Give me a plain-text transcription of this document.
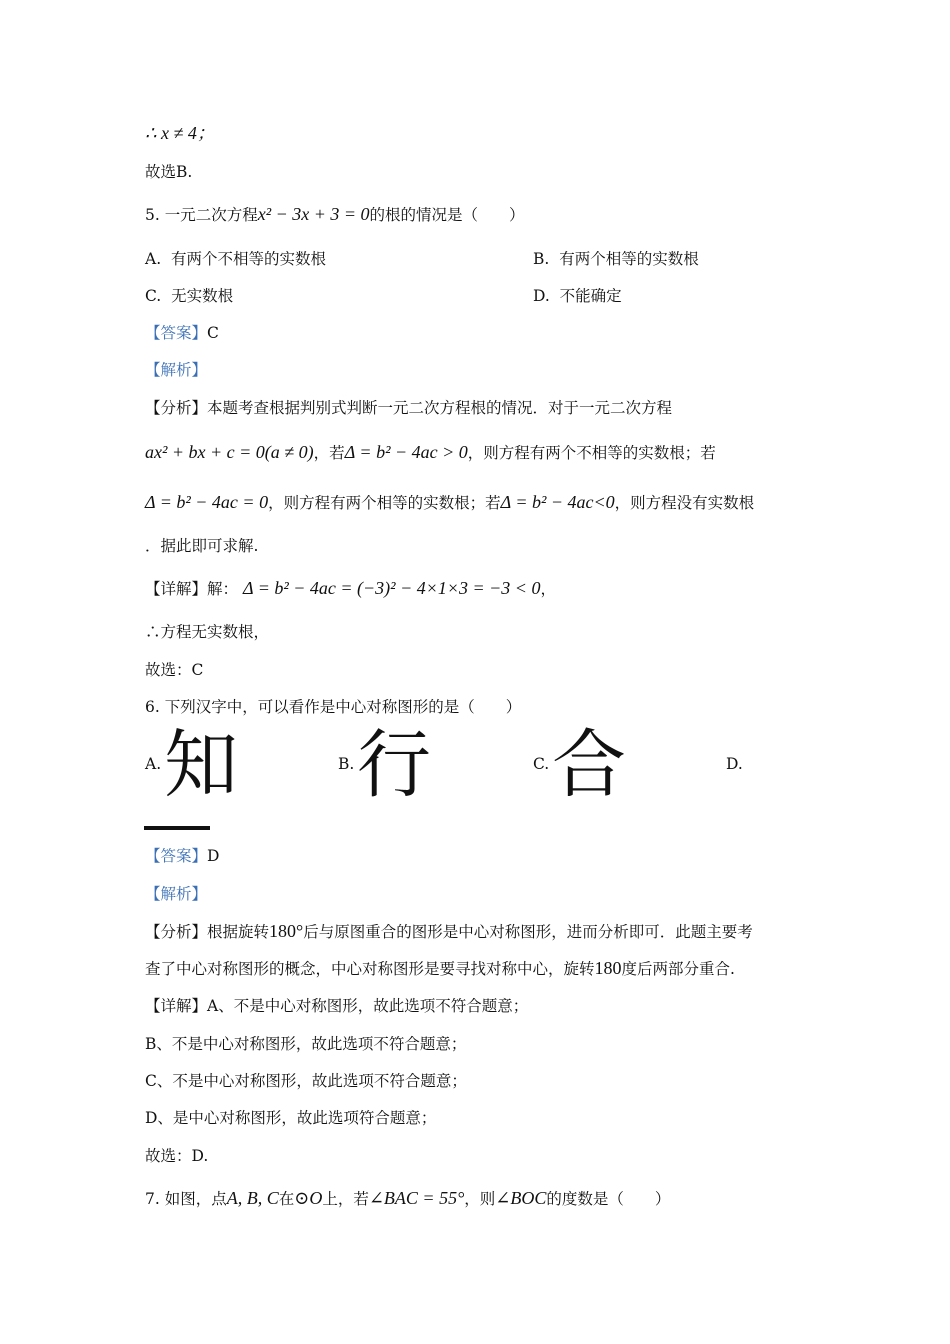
∴ x ≠ 4；
故选B.
5. 一元二次方程x² − 3x + 3 = 0的根的情况是（　　）
A. 有两个不相等的实数根	B. 有两个相等的实数根
C. 无实数根	D. 不能确定
【答案】C
【解析】
【分析】本题考查根据判别式判断一元二次方程根的情况．对于一元二次方程
ax² + bx + c = 0(a ≠ 0)，若Δ = b² − 4ac > 0，则方程有两个不相等的实数根；若
Δ = b² − 4ac = 0，则方程有两个相等的实数根；若Δ = b² − 4ac<0，则方程没有实数根
．据此即可求解.
【详解】解： Δ = b² − 4ac = (−3)² − 4×1×3 = −3 < 0，
∴方程无实数根，
故选：C
6. 下列汉字中，可以看作是中心对称图形的是（　　）
A. 知	B. 行	C. 合	D.
【答案】D
【解析】
【分析】根据旋转180°后与原图重合的图形是中心对称图形，进而分析即可．此题主要考
查了中心对称图形的概念，中心对称图形是要寻找对称中心，旋转180度后两部分重合.
【详解】A、不是中心对称图形，故此选项不符合题意；
B、不是中心对称图形，故此选项不符合题意；
C、不是中心对称图形，故此选项不符合题意；
D、是中心对称图形，故此选项符合题意；
故选：D.
7. 如图，点A, B, C在⊙O上，若∠BAC = 55°，则∠BOC的度数是（　　）
